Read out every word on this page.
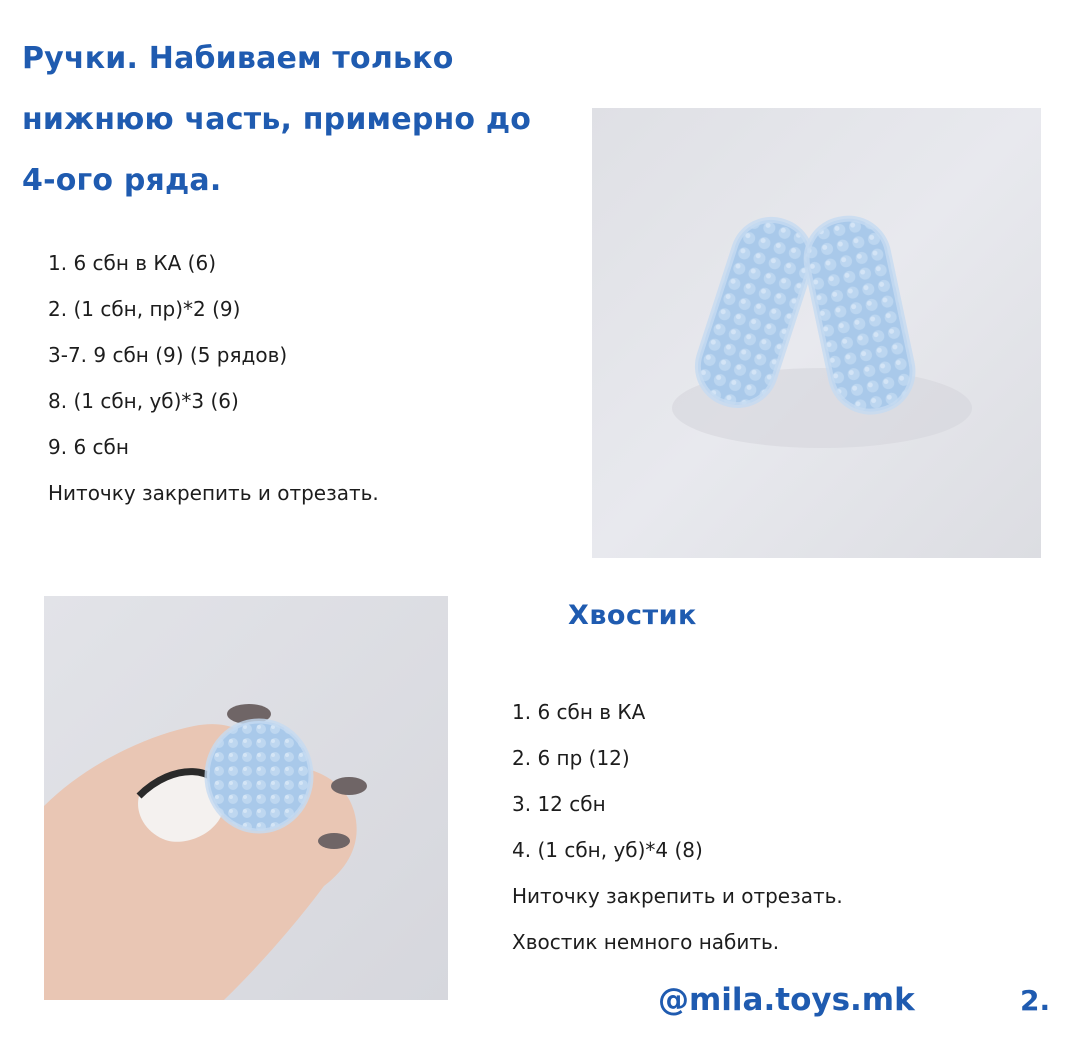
Ручки. Набиваем только
нижнюю часть, примерно до
4-ого ряда.
1. 6 сбн в КА (6)
2. (1 сбн, пр)*2 (9)
3-7. 9 сбн (9) (5 рядов)
8. (1 сбн, уб)*3 (6)
9. 6 сбн
Ниточку закрепить и отрезать.
Хвостик
1. 6 сбн в КА
2. 6 пр (12)
3. 12 сбн
4. (1 сбн, уб)*4 (8)
Ниточку закрепить и отрезать.
Хвостик немного набить.
@mila.toys.mk	2.
